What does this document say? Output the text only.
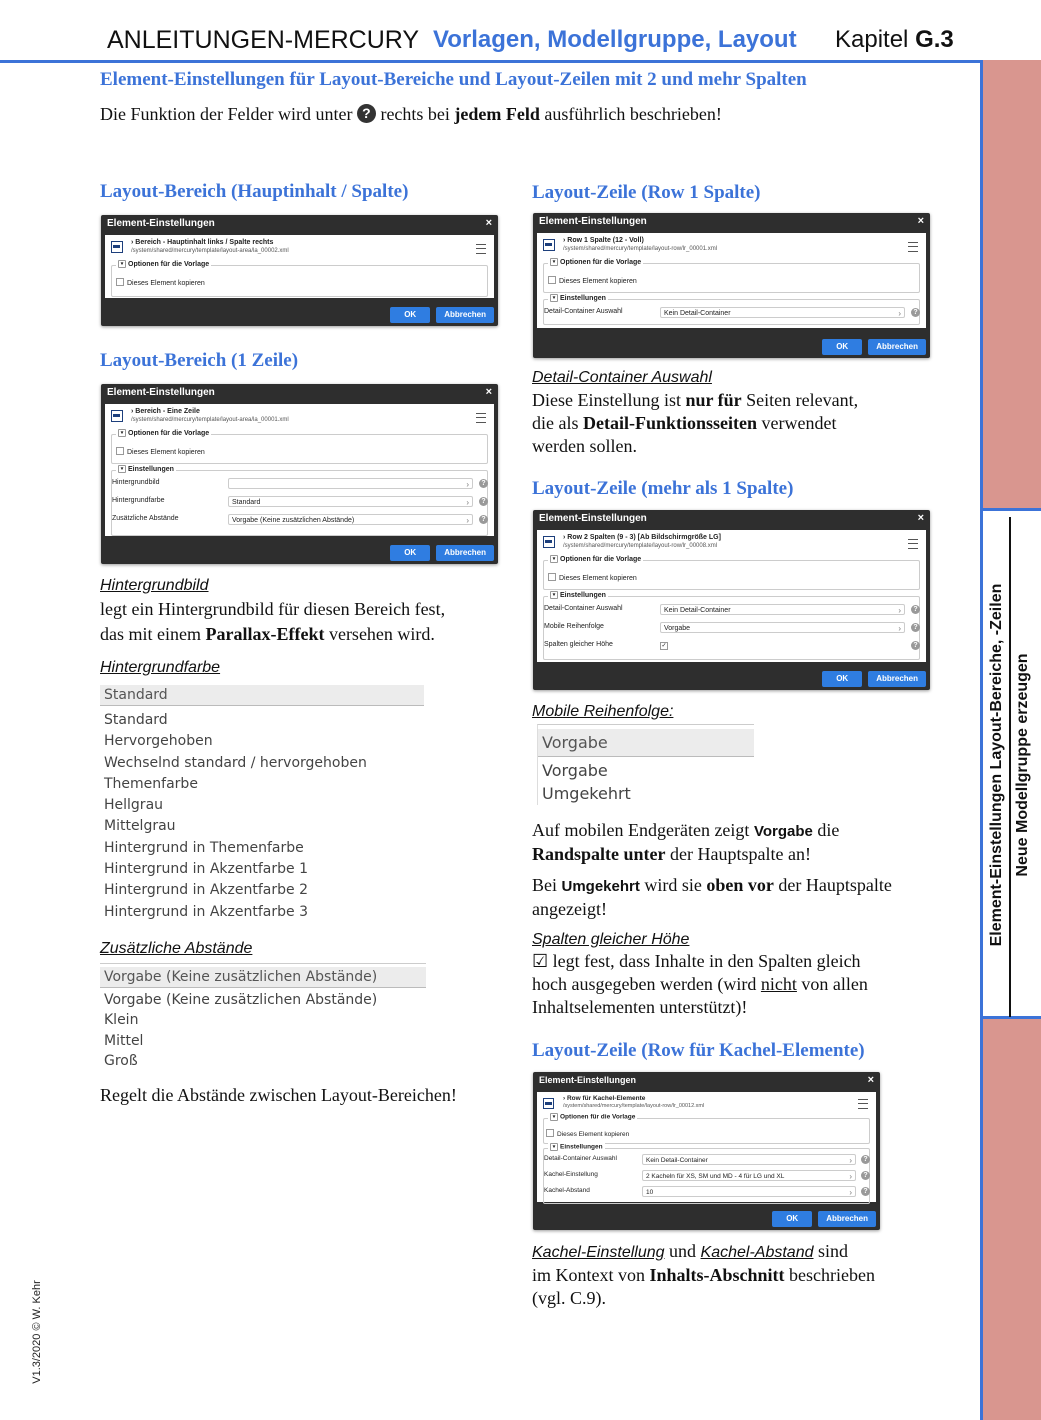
ANLEITUNGEN-MERCURY Vorlagen, Modellgruppe, Layout Kapitel G.3
Element-Einstellungen Layout-Bereiche, -Zeilen Neue Modellgruppe erzeugen
V1.3/2020 © W. Kehr
Element-Einstellungen für Layout-Bereiche und Layout-Zeilen mit 2 und mehr Spalten
Die Funktion der Felder wird unter ? rechts bei jedem Feld ausführlich beschrieben!
Layout-Bereich (Hauptinhalt / Spalte)
Element-Einstellungen	×
› Bereich - Hauptinhalt links / Spalte rechts
/system/shared/mercury/template/layout-area/la_00002.xml
▾ Optionen für die Vorlage
Dieses Element kopieren
OK	Abbrechen
Layout-Bereich (1 Zeile)
Element-Einstellungen	×
› Bereich - Eine Zeile
/system/shared/mercury/template/layout-area/la_00001.xml
▾ Optionen für die Vorlage
Dieses Element kopieren
▾ Einstellungen
Hintergrundbild
›	?
Hintergrundfarbe	Standard ›	?
Zusätzliche Abstände	Vorgabe (Keine zusätzlichen Abstände) ›	?
OK	Abbrechen
Hintergrundbild
legt ein Hintergrundbild für diesen Bereich fest,
das mit einem Parallax-Effekt versehen wird.
Hintergrundfarbe
Standard
Standard
Hervorgehoben
Wechselnd standard / hervorgehoben
Themenfarbe
Hellgrau
Mittelgrau
Hintergrund in Themenfarbe
Hintergrund in Akzentfarbe 1
Hintergrund in Akzentfarbe 2
Hintergrund in Akzentfarbe 3
Zusätzliche Abstände
Vorgabe (Keine zusätzlichen Abstände)
Vorgabe (Keine zusätzlichen Abstände)
Klein
Mittel
Groß
Regelt die Abstände zwischen Layout-Bereichen!
Layout-Zeile (Row 1 Spalte)
Element-Einstellungen	×
› Row 1 Spalte (12 - Voll)
/system/shared/mercury/template/layout-row/lr_00001.xml
▾ Optionen für die Vorlage
Dieses Element kopieren
▾ Einstellungen
Detail-Container Auswahl	Kein Detail-Container ›	?
OK	Abbrechen
Detail-Container Auswahl
Diese Einstellung ist nur für Seiten relevant,
die als Detail-Funktionsseiten verwendet
werden sollen.
Layout-Zeile (mehr als 1 Spalte)
Element-Einstellungen	×
› Row 2 Spalten (9 - 3) [Ab Bildschirmgröße LG]
/system/shared/mercury/template/layout-row/lr_00008.xml
▾ Optionen für die Vorlage
Dieses Element kopieren
▾ Einstellungen
Detail-Container Auswahl	Kein Detail-Container ›	?
Mobile Reihenfolge	Vorgabe ›	?
Spalten gleicher Höhe	✓	?
OK	Abbrechen
Mobile Reihenfolge:
Vorgabe
Vorgabe
Umgekehrt
Auf mobilen Endgeräten zeigt Vorgabe die
Randspalte unter der Hauptspalte an!
Bei Umgekehrt wird sie oben vor der Hauptspalte
angezeigt!
Spalten gleicher Höhe
☑ legt fest, dass Inhalte in den Spalten gleich
hoch ausgegeben werden (wird nicht von allen
Inhaltselementen unterstützt)!
Layout-Zeile (Row für Kachel-Elemente)
Element-Einstellungen	×
› Row für Kachel-Elemente
/system/shared/mercury/template/layout-row/lr_00012.xml
▾ Optionen für die Vorlage
Dieses Element kopieren
▾ Einstellungen
Detail-Container Auswahl	Kein Detail-Container ›	?
Kachel-Einstellung	2 Kacheln für XS, SM und MD - 4 für LG und XL ›	?
Kachel-Abstand	10 ›	?
OK	Abbrechen
Kachel-Einstellung und Kachel-Abstand sind
im Kontext von Inhalts-Abschnitt beschrieben
(vgl. C.9).
